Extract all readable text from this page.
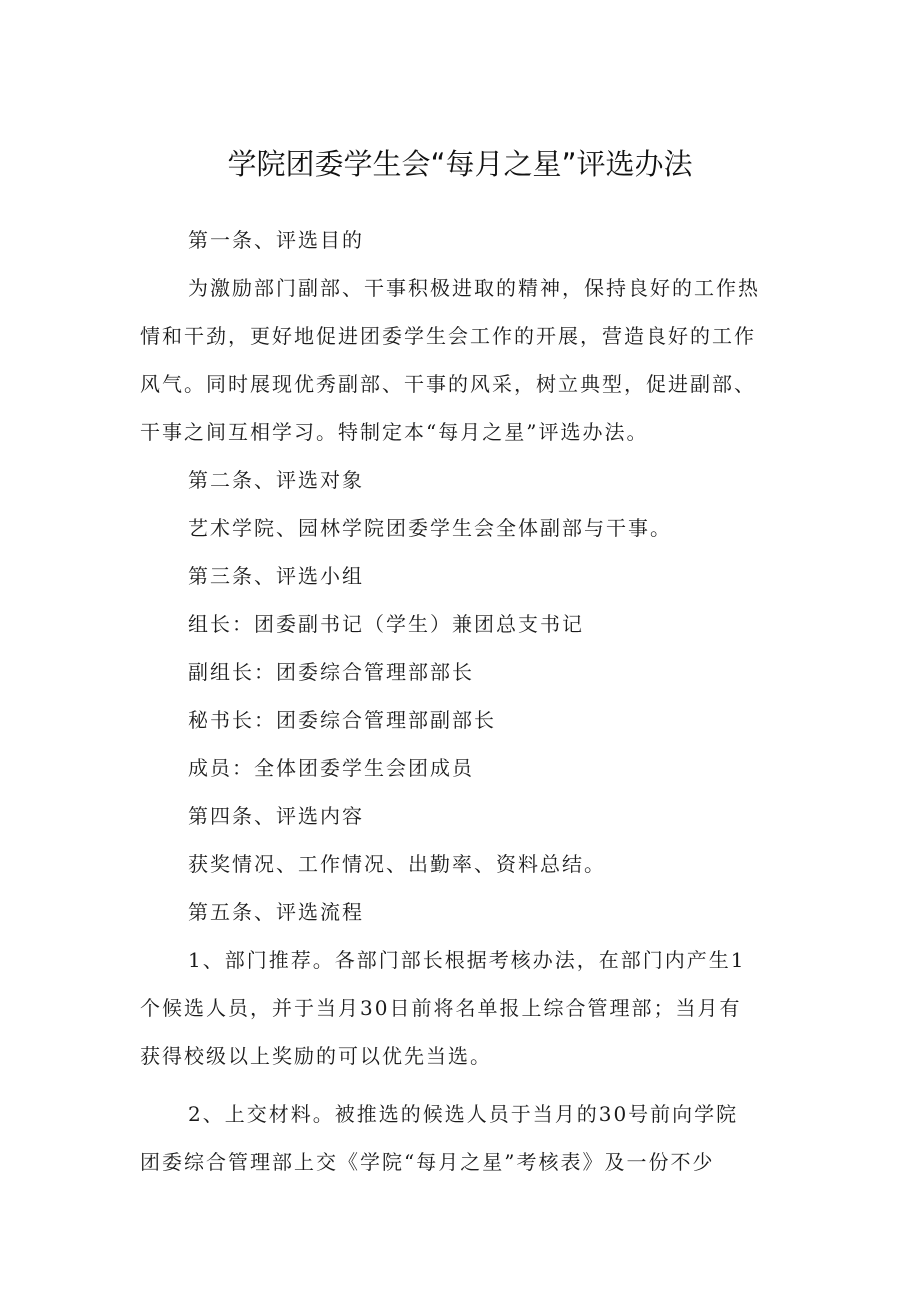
学院团委学生会“每月之星”评选办法
第一条、评选目的
为激励部门副部、干事积极进取的精神，保持良好的工作热
情和干劲，更好地促进团委学生会工作的开展，营造良好的工作
风气。同时展现优秀副部、干事的风采，树立典型，促进副部、
干事之间互相学习。特制定本“每月之星”评选办法。
第二条、评选对象
艺术学院、园林学院团委学生会全体副部与干事。
第三条、评选小组
组长：团委副书记（学生）兼团总支书记
副组长：团委综合管理部部长
秘书长：团委综合管理部副部长
成员：全体团委学生会团成员
第四条、评选内容
获奖情况、工作情况、出勤率、资料总结。
第五条、评选流程
1、部门推荐。各部门部长根据考核办法，在部门内产生1
个候选人员，并于当月30日前将名单报上综合管理部；当月有
获得校级以上奖励的可以优先当选。
2、上交材料。被推选的候选人员于当月的30号前向学院
团委综合管理部上交《学院“每月之星”考核表》及一份不少
